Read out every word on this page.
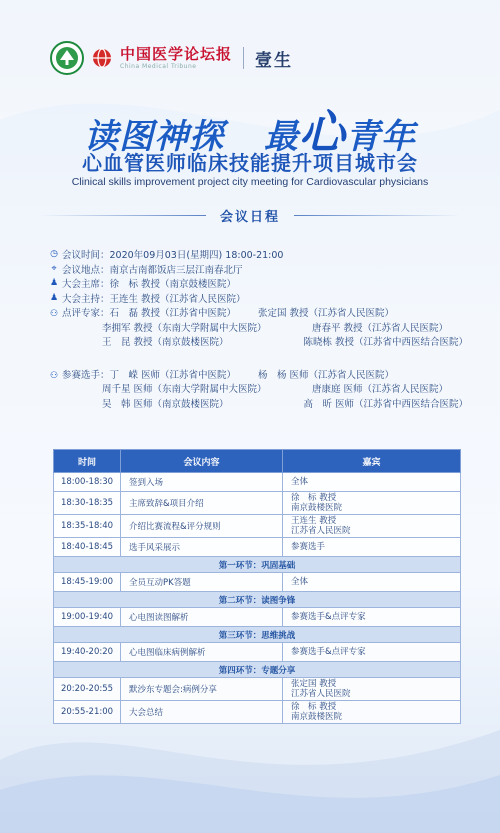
中国医学论坛报
China Medical Tribune	壹生
读图神探 最心青年
心血管医师临床技能提升项目城市会
Clinical skills improvement project city meeting for Cardiovascular physicians
会议日程
◷ 会议时间：2020年09月03日(星期四) 18:00-21:00
⌖ 会议地点：南京古南都饭店三层江南春北厅
♟ 大会主席：徐　标 教授（南京鼓楼医院）
♟ 大会主持：王连生 教授（江苏省人民医院）
⚇ 点评专家：石　磊 教授（江苏省中医院）	张定国 教授（江苏省人民医院）
李拥军 教授（东南大学附属中大医院）	唐春平 教授（江苏省人民医院）
王　昆 教授（南京鼓楼医院）	陈晓栋 教授（江苏省中西医结合医院）
⚇ 参赛选手：丁　嵘 医师（江苏省中医院）	杨　杨 医师（江苏省人民医院）
周千星 医师（东南大学附属中大医院）	唐康庭 医师（江苏省人民医院）
吴　韩 医师（南京鼓楼医院）	高　昕 医师（江苏省中西医结合医院）
时间	会议内容	嘉宾
18:00-18:30	签到入场	全体
18:30-18:35	主席致辞&项目介绍	徐　标 教授
南京鼓楼医院

18:35-18:40	介绍比赛流程&评分规则	王连生 教授
江苏省人民医院

18:40-18:45	选手风采展示	参赛选手
第一环节：巩固基础		
18:45-19:00	全员互动PK答题	全体
第二环节：读图争锋		
19:00-19:40	心电图读图解析	参赛选手&点评专家
第三环节：思维挑战		
19:40-20:20	心电图临床病例解析	参赛选手&点评专家
第四环节：专题分享		
20:20-20:55	默沙东专题会:病例分享	张定国 教授
江苏省人民医院

20:55-21:00	大会总结	徐　标 教授
南京鼓楼医院
